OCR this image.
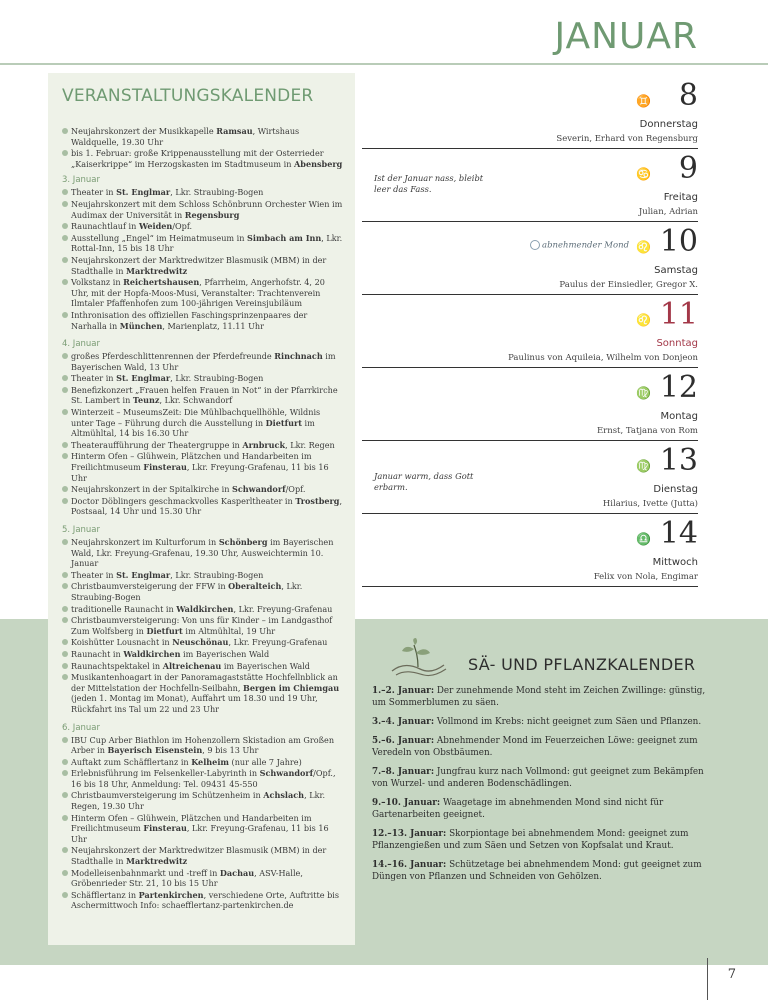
JANUAR
VERANSTALTUNGSKALENDER
Neujahrskonzert der Musikkapelle Ramsau, Wirtshaus Waldquelle, 19.30 Uhr
bis 1. Februar: große Krippenausstellung mit der Osterrieder „Kaiserkrippe“ im Herzogskasten im Stadtmuseum in Abensberg
3. Januar
Theater in St. Englmar, Lkr. Straubing-Bogen
Neujahrskonzert mit dem Schloss Schönbrunn Orchester Wien im Audimax der Universität in Regensburg
Raunachtlauf in Weiden/Opf.
Ausstellung „Engel“ im Heimatmuseum in Simbach am Inn, Lkr. Rottal-Inn, 15 bis 18 Uhr
Neujahrskonzert der Marktredwitzer Blasmusik (MBM) in der Stadthalle in Marktredwitz
Volkstanz in Reichertshausen, Pfarrheim, Angerhofstr. 4, 20 Uhr, mit der Hopfa-Moos-Musi, Veranstalter: Trachtenverein Ilmtaler Pfaffenhofen zum 100-jährigen Vereinsjubiläum
Inthronisation des offiziellen Faschingsprinzenpaares der Narhalla in München, Marienplatz, 11.11 Uhr
4. Januar
großes Pferdeschlittenrennen der Pferdefreunde Rinchnach im Bayerischen Wald, 13 Uhr
Theater in St. Englmar, Lkr. Straubing-Bogen
Benefizkonzert „Frauen helfen Frauen in Not“ in der Pfarrkirche St. Lambert in Teunz, Lkr. Schwandorf
Winterzeit – MuseumsZeit: Die Mühlbachquellhöhle, Wildnis unter Tage – Führung durch die Ausstellung in Dietfurt im Altmühltal, 14 bis 16.30 Uhr
Theateraufführung der Theatergruppe in Arnbruck, Lkr. Regen
Hinterm Ofen – Glühwein, Plätzchen und Handarbeiten im Freilichtmuseum Finsterau, Lkr. Freyung-Grafenau, 11 bis 16 Uhr
Neujahrskonzert in der Spitalkirche in Schwandorf/Opf.
Doctor Döblingers geschmackvolles Kasperltheater in Trostberg, Postsaal, 14 Uhr und 15.30 Uhr
5. Januar
Neujahrskonzert im Kulturforum in Schönberg im Bayerischen Wald, Lkr. Freyung-Grafenau, 19.30 Uhr, Ausweichtermin 10. Januar
Theater in St. Englmar, Lkr. Straubing-Bogen
Christbaumversteigerung der FFW in Oberalteich, Lkr. Straubing-Bogen
traditionelle Raunacht in Waldkirchen, Lkr. Freyung-Grafenau
Christbaumversteigerung: Von uns für Kinder – im Landgasthof Zum Wolfsberg in Dietfurt im Altmühltal, 19 Uhr
Koishütter Lousnacht in Neuschönau, Lkr. Freyung-Grafenau
Raunacht in Waldkirchen im Bayerischen Wald
Raunachtspektakel in Altreichenau im Bayerischen Wald
Musikantenhoagart in der Panoramagaststätte Hochfellnblick an der Mittelstation der Hochfelln-Seilbahn, Bergen im Chiemgau (jeden 1. Montag im Monat), Auffahrt um 18.30 und 19 Uhr, Rückfahrt ins Tal um 22 und 23 Uhr
6. Januar
IBU Cup Arber Biathlon im Hohenzollern Skistadion am Großen Arber in Bayerisch Eisenstein, 9 bis 13 Uhr
Auftakt zum Schäfflertanz in Kelheim (nur alle 7 Jahre)
Erlebnisführung im Felsenkeller-Labyrinth in Schwandorf/Opf., 16 bis 18 Uhr, Anmeldung: Tel. 09431 45-550
Christbaumversteigerung im Schützenheim in Achslach, Lkr. Regen, 19.30 Uhr
Hinterm Ofen – Glühwein, Plätzchen und Handarbeiten im Freilichtmuseum Finsterau, Lkr. Freyung-Grafenau, 11 bis 16 Uhr
Neujahrskonzert der Marktredwitzer Blasmusik (MBM) in der Stadthalle in Marktredwitz
Modelleisenbahnmarkt und -treff in Dachau, ASV-Halle, Gröbenrieder Str. 21, 10 bis 15 Uhr
Schäfflertanz in Partenkirchen, verschiedene Orte, Auftritte bis Aschermittwoch Info: schaefflertanz-partenkirchen.de
8
Donnerstag
Severin, Erhard von Regensburg
♊
9
Freitag
Julian, Adrian
♋
Ist der Januar nass, bleibt leer das Fass.
10
Samstag
Paulus der Einsiedler, Gregor X.
♌
abnehmender Mond
11
Sonntag
Paulinus von Aquileia, Wilhelm von Donjeon
♌
12
Montag
Ernst, Tatjana von Rom
♍
13
Dienstag
Hilarius, Ivette (Jutta)
♍
Januar warm, dass Gott erbarm.
14
Mittwoch
Felix von Nola, Engimar
♎
SÄ- UND PFLANZKALENDER
1.–2. Januar: Der zunehmende Mond steht im Zeichen Zwillinge: günstig, um Sommerblumen zu säen.
3.–4. Januar: Vollmond im Krebs: nicht geeignet zum Säen und Pflanzen.
5.–6. Januar: Abnehmender Mond im Feuerzeichen Löwe: geeignet zum Veredeln von Obstbäumen.
7.–8. Januar: Jungfrau kurz nach Vollmond: gut geeignet zum Bekämpfen von Wurzel- und anderen Bodenschädlingen.
9.–10. Januar: Waagetage im abnehmenden Mond sind nicht für Gartenarbeiten geeignet.
12.–13. Januar: Skorpiontage bei abnehmendem Mond: geeignet zum Pflanzengießen und zum Säen und Setzen von Kopfsalat und Kraut.
14.–16. Januar: Schützetage bei abnehmendem Mond: gut geeignet zum Düngen von Pflanzen und Schneiden von Gehölzen.
7
